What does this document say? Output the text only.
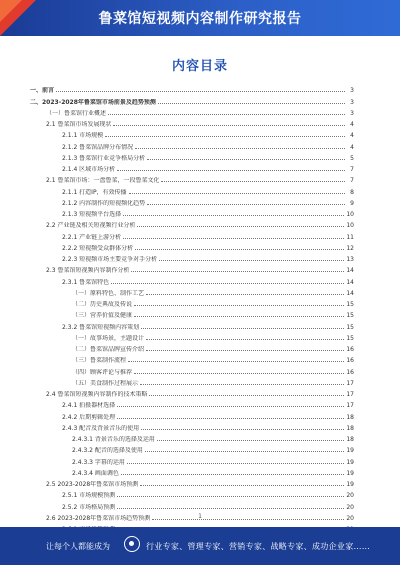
鲁菜馆短视频内容制作研究报告
内容目录
一、前言	3
二、2023-2028年鲁菜馆市场前景及趋势预测	3
（一）鲁菜馆行业概述	3
2.1 鲁菜馆市场发展现状	4
2.1.1 市场规模	4
2.1.2 鲁菜馆品牌分布情况	4
2.1.3 鲁菜馆行业竞争格局分析	5
2.1.4 区域市场分析	7
2.1 鲁菜馆市场：一盘鲁菜，一段鲁菜文化	7
2.1.1 打造IP，有效传播	8
2.1.2 内容制作的短视频化趋势	9
2.1.3 短视频平台选择	10
2.2 产业链及相关短视频行业分析	10
2.2.1 产业链上游分析	11
2.2.2 短视频受众群体分析	12
2.2.3 短视频市场主要竞争对手分析	13
2.3 鲁菜馆短视频内容制作分析	14
2.3.1 鲁菜馆特色	14
（一）原料特色、制作工艺	14
（二）历史典故及传说	15
（三）营养价值及健康	15
2.3.2 鲁菜馆短视频内容策划	15
（一）故事场景，主题设计	15
（二）鲁菜馆品牌宣传介绍	16
（三）鲁菜制作流程	16
（四）顾客评论与推荐	16
（五）美食制作过程展示	17
2.4 鲁菜馆短视频内容制作的技术策略	17
2.4.1 拍摄器材选择	17
2.4.2 后期剪辑处理	18
2.4.3 配音及背景音乐的使用	18
2.4.3.1 背景音乐的选择及运用	18
2.4.3.2 配音的选择及使用	19
2.4.3.3 字幕的运用	19
2.4.3.4 画面调色	19
2.5 2023-2028年鲁菜馆市场预测	19
2.5.1 市场规模预测	20
2.5.2 市场格局预测	20
2.6 2023-2028年鲁菜馆市场趋势预测	20
1
让每个人都能成为	行业专家、管理专家、营销专家、战略专家、成功企业家……
